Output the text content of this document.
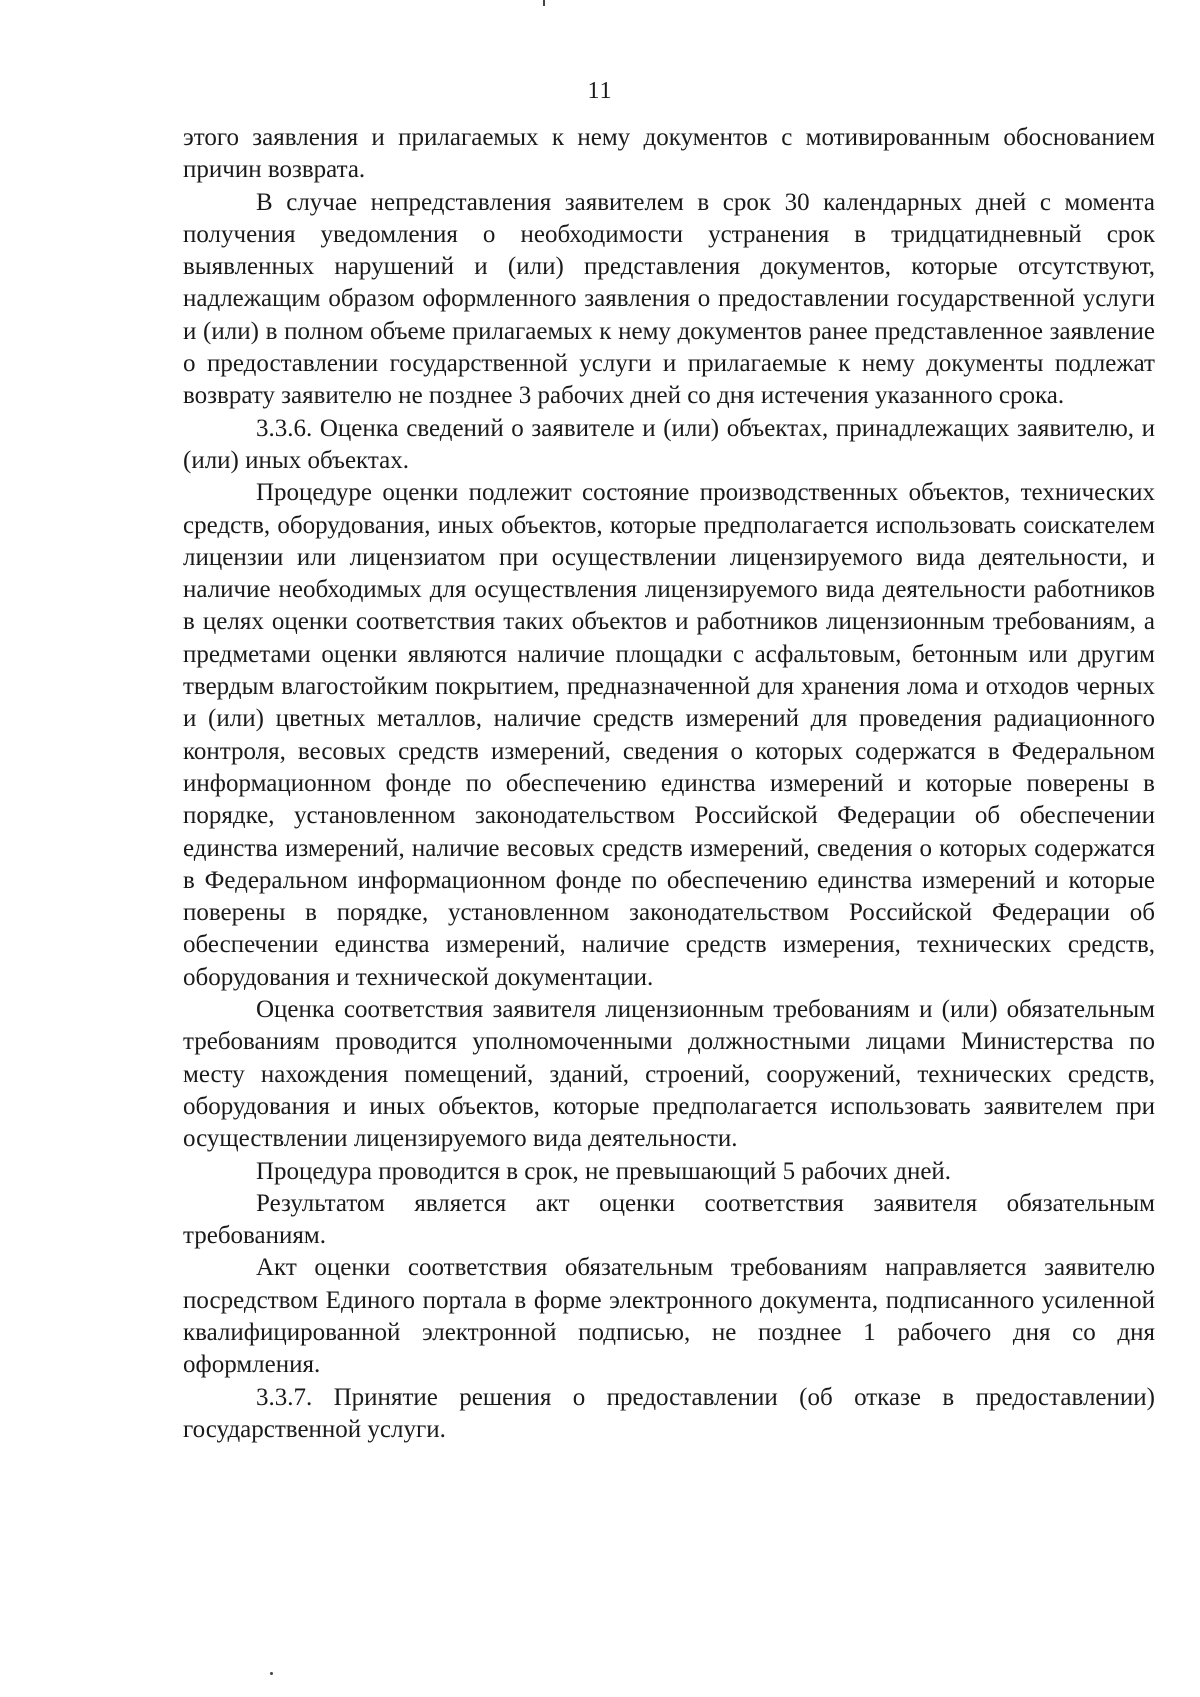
11

этого заявления и прилагаемых к нему документов с мотивированным обоснованием причин возврата.

В случае непредставления заявителем в срок 30 календарных дней с момента получения уведомления о необходимости устранения в тридцатидневный срок выявленных нарушений и (или) представления документов, которые отсутствуют, надлежащим образом оформленного заявления о предоставлении государственной услуги и (или) в полном объеме прилагаемых к нему документов ранее представленное заявление о предоставлении государственной услуги и прилагаемые к нему документы подлежат возврату заявителю не позднее 3 рабочих дней со дня истечения указанного срока.

3.3.6. Оценка сведений о заявителе и (или) объектах, принадлежащих заявителю, и (или) иных объектах.

Процедуре оценки подлежит состояние производственных объектов, технических средств, оборудования, иных объектов, которые предполагается использовать соискателем лицензии или лицензиатом при осуществлении лицензируемого вида деятельности, и наличие необходимых для осуществления лицензируемого вида деятельности работников в целях оценки соответствия таких объектов и работников лицензионным требованиям, а предметами оценки являются наличие площадки с асфальтовым, бетонным или другим твердым влагостойким покрытием, предназначенной для хранения лома и отходов черных и (или) цветных металлов, наличие средств измерений для проведения радиационного контроля, весовых средств измерений, сведения о которых содержатся в Федеральном информационном фонде по обеспечению единства измерений и которые поверены в порядке, установленном законодательством Российской Федерации об обеспечении единства измерений, наличие весовых средств измерений, сведения о которых содержатся в Федеральном информационном фонде по обеспечению единства измерений и которые поверены в порядке, установленном законодательством Российской Федерации об обеспечении единства измерений, наличие средств измерения, технических средств, оборудования и технической документации.

Оценка соответствия заявителя лицензионным требованиям и (или) обязательным требованиям проводится уполномоченными должностными лицами Министерства по месту нахождения помещений, зданий, строений, сооружений, технических средств, оборудования и иных объектов, которые предполагается использовать заявителем при осуществлении лицензируемого вида деятельности.

Процедура проводится в срок, не превышающий 5 рабочих дней.

Результатом является акт оценки соответствия заявителя обязательным требованиям.

Акт оценки соответствия обязательным требованиям направляется заявителю посредством Единого портала в форме электронного документа, подписанного усиленной квалифицированной электронной подписью, не позднее 1 рабочего дня со дня оформления.

3.3.7. Принятие решения о предоставлении (об отказе в предоставлении) государственной услуги.
